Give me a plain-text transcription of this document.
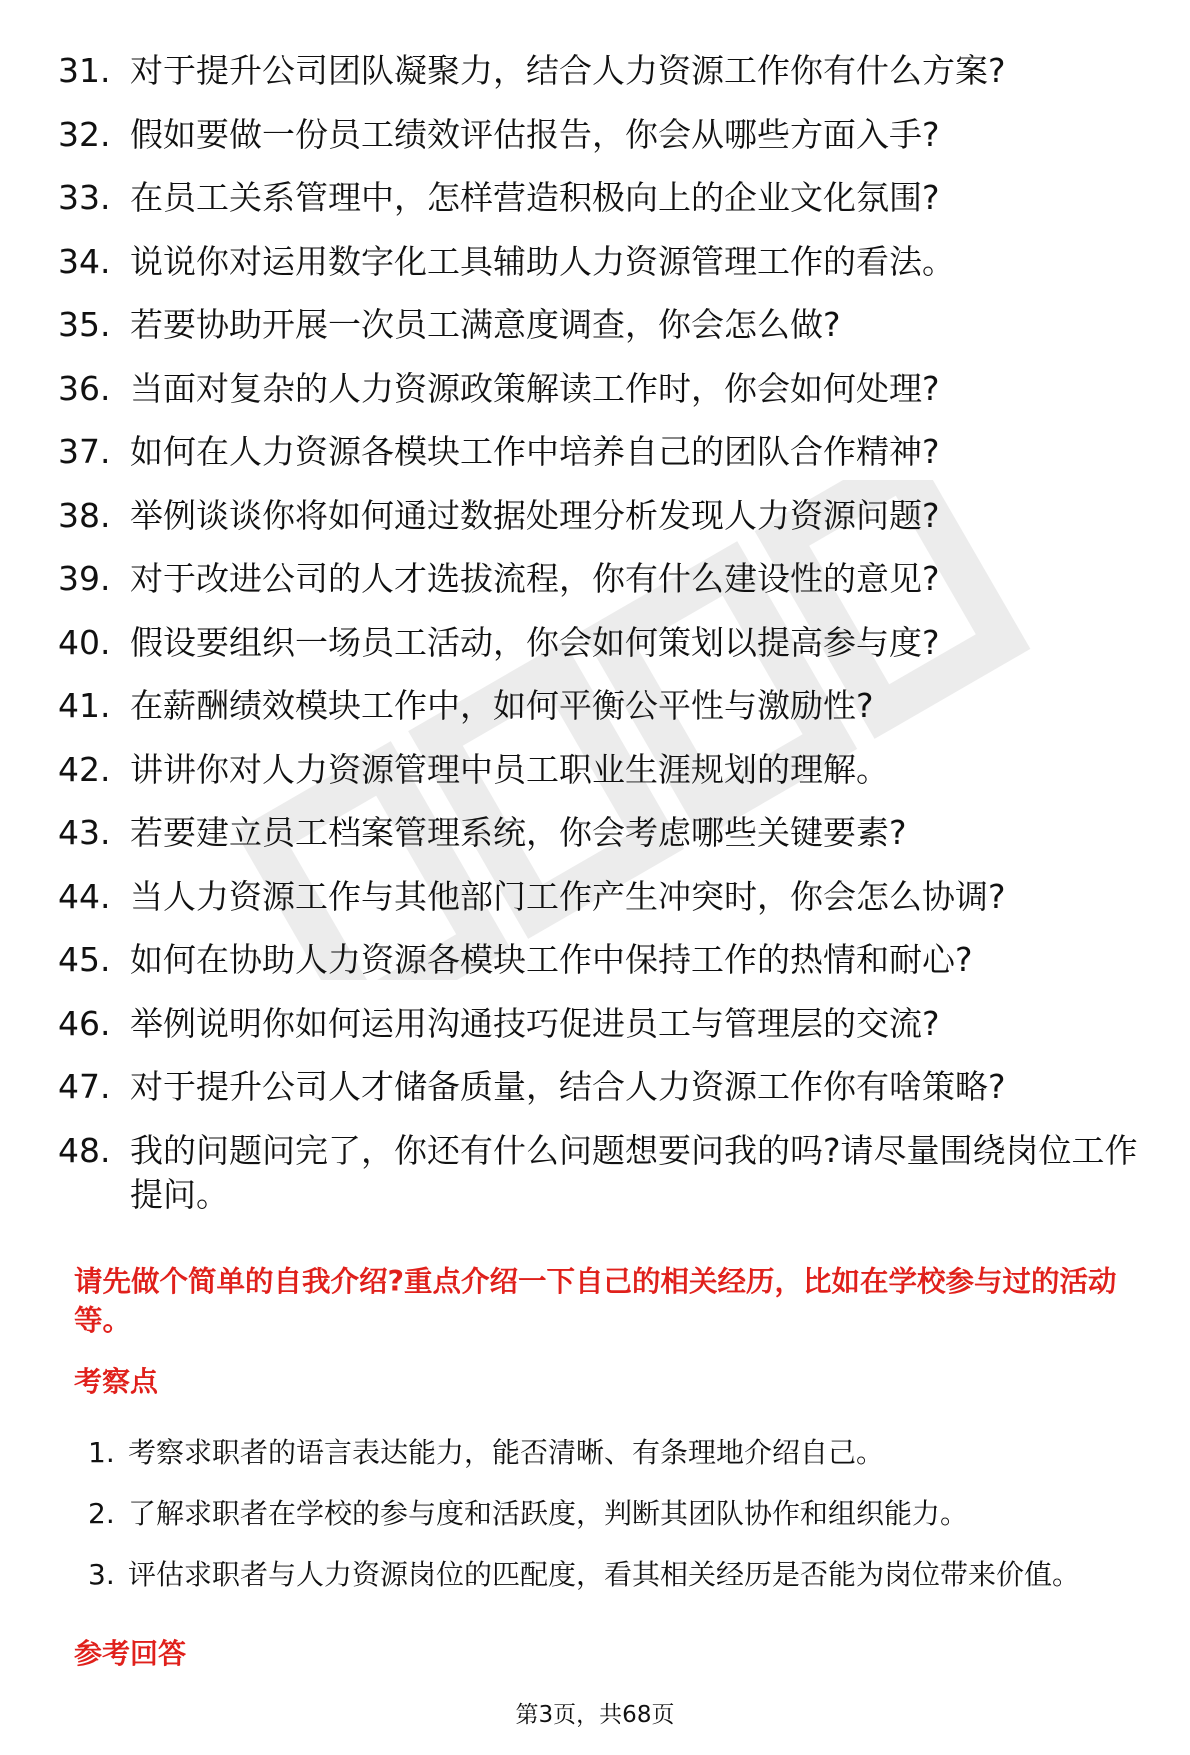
31. 对于提升公司团队凝聚力，结合人力资源工作你有什么方案?
32. 假如要做一份员工绩效评估报告，你会从哪些方面入手?
33. 在员工关系管理中，怎样营造积极向上的企业文化氛围?
34. 说说你对运用数字化工具辅助人力资源管理工作的看法。
35. 若要协助开展一次员工满意度调查，你会怎么做?
36. 当面对复杂的人力资源政策解读工作时，你会如何处理?
37. 如何在人力资源各模块工作中培养自己的团队合作精神?
38. 举例谈谈你将如何通过数据处理分析发现人力资源问题?
39. 对于改进公司的人才选拔流程，你有什么建设性的意见?
40. 假设要组织一场员工活动，你会如何策划以提高参与度?
41. 在薪酬绩效模块工作中，如何平衡公平性与激励性?
42. 讲讲你对人力资源管理中员工职业生涯规划的理解。
43. 若要建立员工档案管理系统，你会考虑哪些关键要素?
44. 当人力资源工作与其他部门工作产生冲突时，你会怎么协调?
45. 如何在协助人力资源各模块工作中保持工作的热情和耐心?
46. 举例说明你如何运用沟通技巧促进员工与管理层的交流?
47. 对于提升公司人才储备质量，结合人力资源工作你有啥策略?
48. 我的问题问完了，你还有什么问题想要问我的吗?请尽量围绕岗位工作提问。
请先做个简单的自我介绍?重点介绍一下自己的相关经历，比如在学校参与过的活动等。
考察点
1. 考察求职者的语言表达能力，能否清晰、有条理地介绍自己。
2. 了解求职者在学校的参与度和活跃度，判断其团队协作和组织能力。
3. 评估求职者与人力资源岗位的匹配度，看其相关经历是否能为岗位带来价值。
参考回答
第3页，共68页
